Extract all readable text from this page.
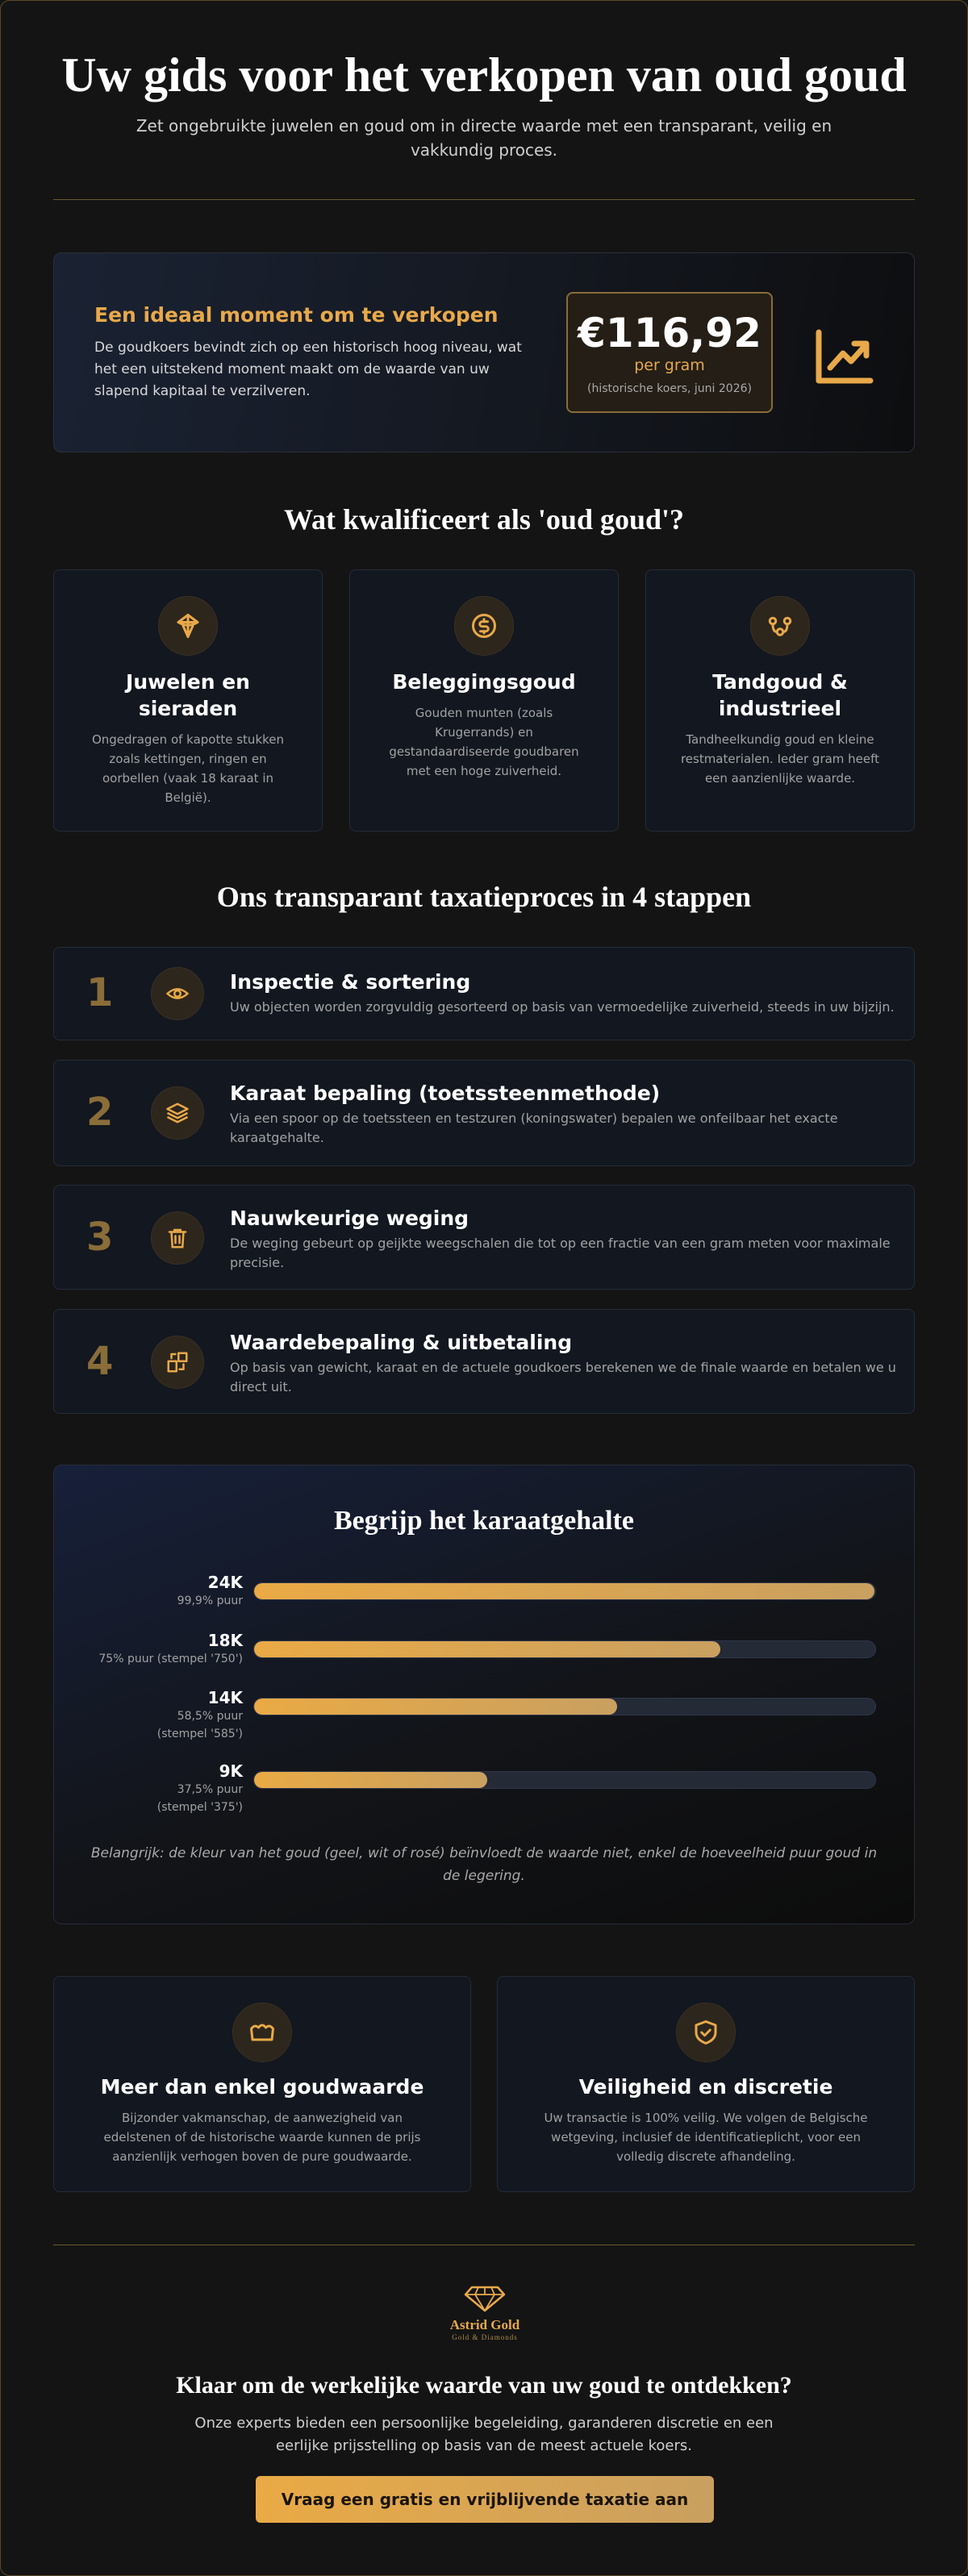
Uw gids voor het verkopen van oud goud

Zet ongebruikte juwelen en goud om in directe waarde met een transparant, veilig en vakkundig proces.

Een ideaal moment om te verkopen

De goudkoers bevindt zich op een historisch hoog niveau, wat het een uitstekend moment maakt om de waarde van uw slapend kapitaal te verzilveren.

€116,92
per gram
(historische koers, juni 2026)
Wat kwalificeert als 'oud goud'?
Juwelen en sieraden

Ongedragen of kapotte stukken zoals kettingen, ringen en oorbellen (vaak 18 karaat in België).

Beleggingsgoud

Gouden munten (zoals Krugerrands) en gestandaardiseerde goudbaren met een hoge zuiverheid.

Tandgoud & industrieel

Tandheelkundig goud en kleine restmaterialen. Ieder gram heeft een aanzienlijke waarde.

Ons transparant taxatieproces in 4 stappen
1	Inspectie & sortering

Uw objecten worden zorgvuldig gesorteerd op basis van vermoedelijke zuiverheid, steeds in uw bijzijn.

2	Karaat bepaling (toetssteenmethode)

Via een spoor op de toetssteen en testzuren (koningswater) bepalen we onfeilbaar het exacte karaatgehalte.

3	Nauwkeurige weging

De weging gebeurt op geijkte weegschalen die tot op een fractie van een gram meten voor maximale precisie.

4	Waardebepaling & uitbetaling

Op basis van gewicht, karaat en de actuele goudkoers berekenen we de finale waarde en betalen we u direct uit.

Begrijp het karaatgehalte
24K
99,9% puur
18K
75% puur (stempel '750')
14K
58,5% puur (stempel '585')
9K
37,5% puur (stempel '375')

Belangrijk: de kleur van het goud (geel, wit of rosé) beïnvloedt de waarde niet, enkel de hoeveelheid puur goud in de legering.

Meer dan enkel goudwaarde

Bijzonder vakmanschap, de aanwezigheid van edelstenen of de historische waarde kunnen de prijs aanzienlijk verhogen boven de pure goudwaarde.

Veiligheid en discretie

Uw transactie is 100% veilig. We volgen de Belgische wetgeving, inclusief de identificatieplicht, voor een volledig discrete afhandeling.

Astrid Gold
Gold & Diamonds
Klaar om de werkelijke waarde van uw goud te ontdekken?

Onze experts bieden een persoonlijke begeleiding, garanderen discretie en een eerlijke prijsstelling op basis van de meest actuele koers.

Vraag een gratis en vrijblijvende taxatie aan
